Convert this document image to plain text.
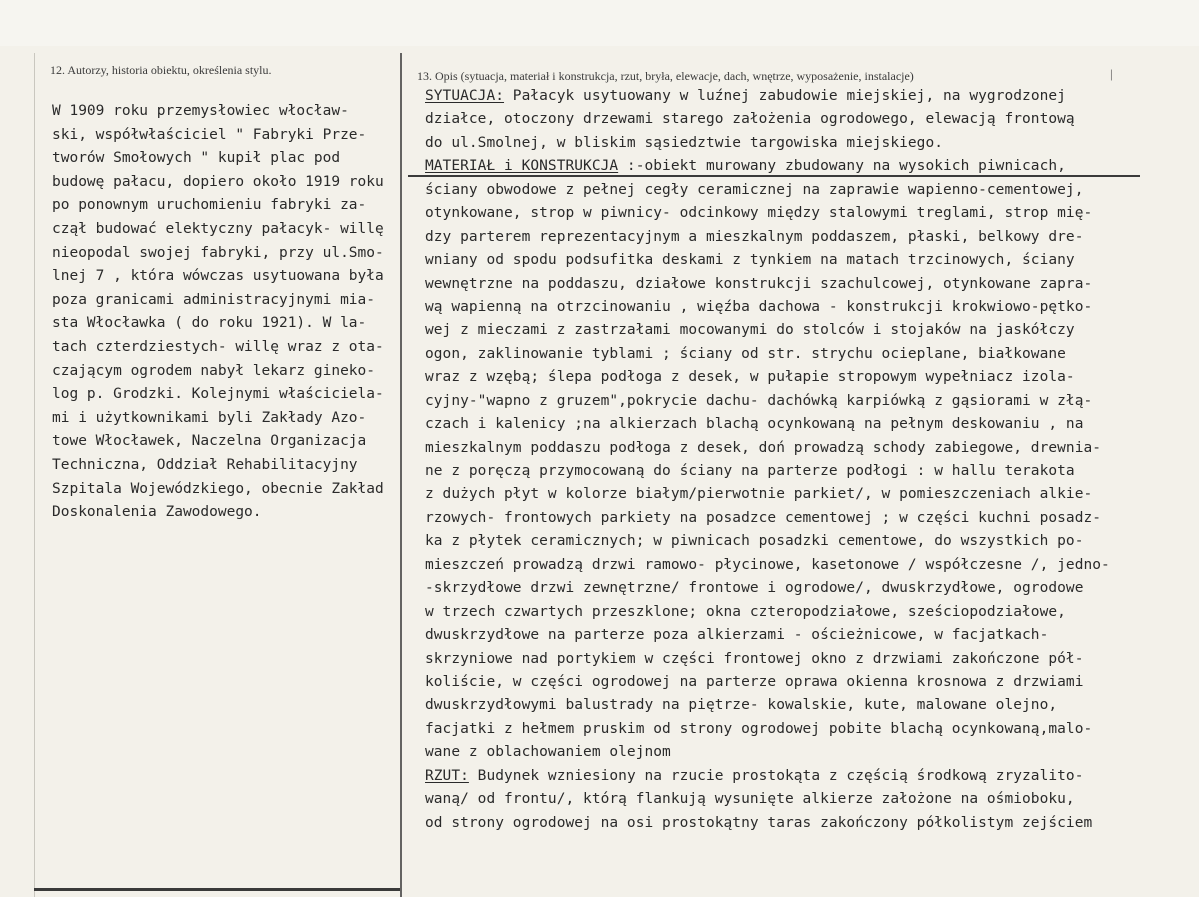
12. Autorzy, historia obiektu, określenia stylu.	13. Opis (sytuacja, materiał i konstrukcja, rzut, bryła, elewacje, dach, wnętrze, wyposażenie, instalacje)	|
W 1909 roku przemysłowiec włocław-
ski, współwłaściciel " Fabryki Prze-
tworów Smołowych " kupił plac pod
budowę pałacu, dopiero około 1919 roku
po ponownym uruchomieniu fabryki za-
czął budować elektyczny pałacyk- willę
nieopodal swojej fabryki, przy ul.Smo-
lnej 7 , która wówczas usytuowana była
poza granicami administracyjnymi mia-
sta Włocławka ( do roku 1921). W la-
tach czterdziestych- willę wraz z ota-
czającym ogrodem nabył lekarz gineko-
log p. Grodzki. Kolejnymi właścicielа-
mi i użytkownikami byli Zakłady Azo-
towe Włocławek, Naczelna Organizacja
Techniczna, Oddział Rehabilitacyjny
Szpitala Wojewódzkiego, obecnie Zakład
Doskonalenia Zawodowego.
SYTUACJA: Pałacyk usytuowany w luźnej zabudowie miejskiej, na wygrodzonej
działce, otoczony drzewami starego założenia ogrodowego, elewacją frontową
do ul.Smolnej, w bliskim sąsiedztwie targowiska miejskiego.
MATERIAŁ i KONSTRUKCJA :-obiekt murowany zbudowany na wysokich piwnicach,
ściany obwodowe z pełnej cegły ceramicznej na zaprawie wapienno-cementowej,
otynkowane, strop w piwnicy- odcinkowy między stalowymi treglami, strop mię-
dzy parterem reprezentacyjnym a mieszkalnym poddaszem, płaski, belkowy dre-
wniany od spodu podsufitka deskami z tynkiem na matach trzcinowych, ściany
wewnętrzne na poddaszu, działowe konstrukcji szachulcowej, otynkowane zapra-
wą wapienną na otrzcinowaniu , więźba dachowa - konstrukcji krokwiowo-pętko-
wej z mieczami z zastrzałami mocowanymi do stolców i stojaków na jaskółczy
ogon, zaklinowanie tyblami ; ściany od str. strychu ocieplane, białkowane
wraz z wzębą; ślepa podłoga z desek, w pułapie stropowym wypełniacz izola-
cyjny-"wapno z gruzem",pokrycie dachu- dachówką karpiówką z gąsiorami w złą-
czach i kalenicy ;na alkierzach blachą ocynkowaną na pełnym deskowaniu , na
mieszkalnym poddaszu podłoga z desek, doń prowadzą schody zabiegowe, drewnia-
ne z poręczą przymocowaną do ściany na parterze podłogi : w hallu terakota
z dużych płyt w kolorze białym/pierwotnie parkiet/, w pomieszczeniach alkie-
rzowych- frontowych parkiety na posadzce cementowej ; w części kuchni posadz-
ka z płytek ceramicznych; w piwnicach posadzki cementowe, do wszystkich po-
mieszczeń prowadzą drzwi ramowo- płycinowe, kasetonowe / współczesne /, jedno-
-skrzydłowe drzwi zewnętrzne/ frontowe i ogrodowe/, dwuskrzydłowe, ogrodowe
w trzech czwartych przeszklone; okna czteropodziałowe, sześciopodziałowe,
dwuskrzydłowe na parterze poza alkierzami - ościeżnicowe, w facjatkach-
skrzyniowe nad portykiem w części frontowej okno z drzwiami zakończone pół-
koliście, w części ogrodowej na parterze oprawa okienna krosnowa z drzwiami
dwuskrzydłowymi balustrady na piętrze- kowalskie, kute, malowane olejno,
facjatki z hełmem pruskim od strony ogrodowej pobite blachą ocynkowaną,malo-
wane z oblachowaniem olejnom
RZUT: Budynek wzniesiony na rzucie prostokąta z częścią środkową zryzalito-
waną/ od frontu/, którą flankują wysunięte alkierze założone na ośmioboku,
od strony ogrodowej na osi prostokątny taras zakończony półkolistym zejściem
